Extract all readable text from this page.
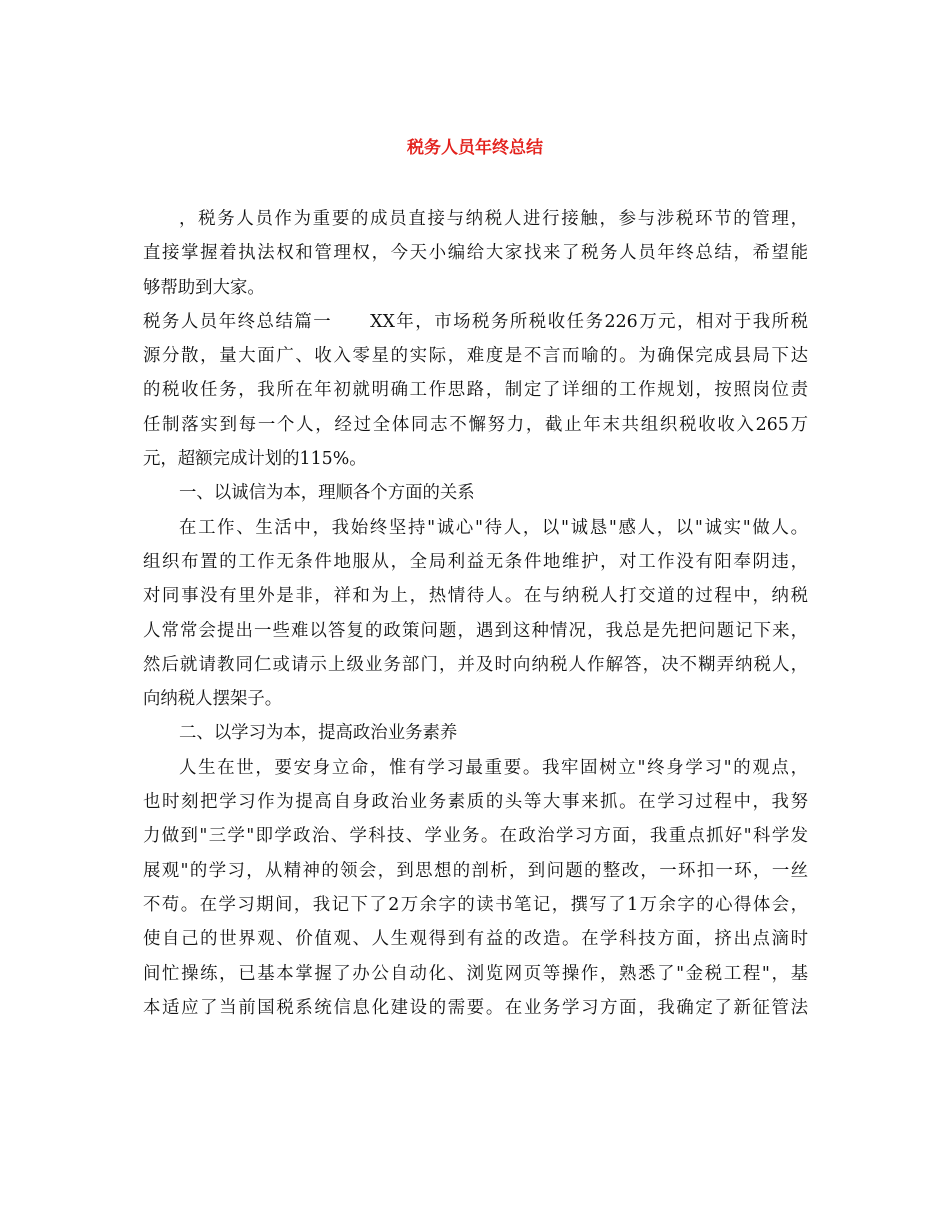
税务人员年终总结
，税务人员作为重要的成员直接与纳税人进行接触，参与涉税环节的管理，
直接掌握着执法权和管理权，今天小编给大家找来了税务人员年终总结，希望能
够帮助到大家。
税务人员年终总结篇一　　XX年，市场税务所税收任务226万元，相对于我所税
源分散，量大面广、收入零星的实际，难度是不言而喻的。为确保完成县局下达
的税收任务，我所在年初就明确工作思路，制定了详细的工作规划，按照岗位责
任制落实到每一个人，经过全体同志不懈努力，截止年末共组织税收收入265万
元，超额完成计划的115%。
一、以诚信为本，理顺各个方面的关系
在工作、生活中，我始终坚持"诚心"待人，以"诚恳"感人，以"诚实"做人。
组织布置的工作无条件地服从，全局利益无条件地维护，对工作没有阳奉阴违，
对同事没有里外是非，祥和为上，热情待人。在与纳税人打交道的过程中，纳税
人常常会提出一些难以答复的政策问题，遇到这种情况，我总是先把问题记下来，
然后就请教同仁或请示上级业务部门，并及时向纳税人作解答，决不糊弄纳税人，
向纳税人摆架子。
二、以学习为本，提高政治业务素养
人生在世，要安身立命，惟有学习最重要。我牢固树立"终身学习"的观点，
也时刻把学习作为提高自身政治业务素质的头等大事来抓。在学习过程中，我努
力做到"三学"即学政治、学科技、学业务。在政治学习方面，我重点抓好"科学发
展观"的学习，从精神的领会，到思想的剖析，到问题的整改，一环扣一环，一丝
不苟。在学习期间，我记下了2万余字的读书笔记，撰写了1万余字的心得体会，
使自己的世界观、价值观、人生观得到有益的改造。在学科技方面，挤出点滴时
间忙操练，已基本掌握了办公自动化、浏览网页等操作，熟悉了"金税工程"，基
本适应了当前国税系统信息化建设的需要。在业务学习方面，我确定了新征管法
